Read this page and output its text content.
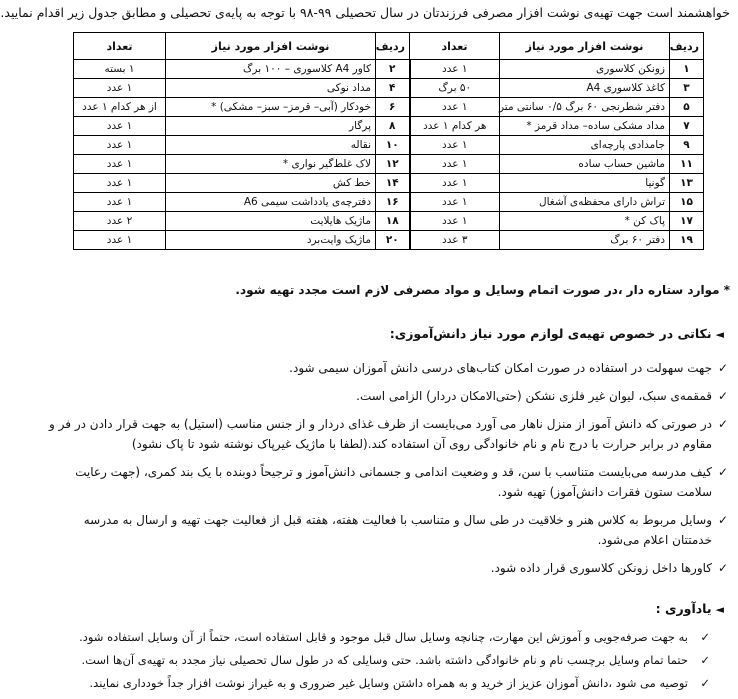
خواهشمند است جهت تهیه‌ی نوشت افزار مصرفی فرزندتان در سال تحصیلی ۹۹-۹۸ با توجه به پایه‌ی تحصیلی و مطابق جدول زیر اقدام نمایید.
ردیف	نوشت افزار مورد نیاز	تعداد	ردیف	نوشت افزار مورد نیاز	تعداد
۱	زونکن کلاسوری	۱ عدد	۲	کاور A4 کلاسوری – ۱۰۰ برگ	۱ بسته
۳	کاغذ کلاسوری A4	۵۰ برگ	۴	مداد نوکی	۱ عدد
۵	دفتر شطرنجی ۶۰ برگ ۰/۵ سانتی متر	۱ عدد	۶	خودکار (آبی– قرمز– سبز– مشکی) *	از هر کدام ۱ عدد
۷	مداد مشکی ساده– مداد قرمز *	هر کدام ۱ عدد	۸	پرگار	۱ عدد
۹	جامدادی پارچه‌ای	۱ عدد	۱۰	نقاله	۱ عدد
۱۱	ماشین حساب ساده	۱ عدد	۱۲	لاک غلط‌گیر نواری *	۱ عدد
۱۳	گونیا	۱ عدد	۱۴	خط کش	۱ عدد
۱۵	تراش دارای محفظه‌ی آشغال	۱ عدد	۱۶	دفترچه‌ی یادداشت سیمی A6	۱ عدد
۱۷	پاک کن *	۱ عدد	۱۸	ماژیک هایلایت	۲ عدد
۱۹	دفتر ۶۰ برگ	۳ عدد	۲۰	ماژیک وایت‌برد	۱ عدد
* موارد ستاره دار ،در صورت اتمام وسایل و مواد مصرفی لازم است مجدد تهیه شود.
◄نکاتی در خصوص تهیه‌ی لوازم مورد نیاز دانش‌آموزی:
✓
جهت سهولت در استفاده در صورت امکان کتاب‌های درسی دانش آموزان سیمی شود.
✓
قمقمه‌ی سبک، لیوان غیر فلزی نشکن (حتی‌الامکان دردار) الزامی است.
✓
در صورتی که دانش آموز از منزل ناهار می آورد می‌بایست از ظرف غذای دردار و از جنس مناسب (استیل) به جهت قرار دادن در فر و مقاوم در برابر حرارت با درج نام و نام خانوادگی روی آن استفاده کند.(لطفا با ماژیک غیرپاک نوشته شود تا پاک نشود)
✓
کیف مدرسه می‌بایست متناسب با سن، قد و وضعیت اندامی و جسمانی دانش‌آموز و ترجیحاً دوبنده با یک بند کمری، (جهت رعایت سلامت ستون فقرات دانش‌آموز) تهیه شود.
✓
وسایل مربوط به کلاس هنر و خلاقیت در طی سال و متناسب با فعالیت هفته، هفته قبل از فعالیت جهت تهیه و ارسال به مدرسه خدمتتان اعلام می‌شود.
✓
کاورها داخل زونکن کلاسوری قرار داده شود.
◄یادآوری :
✓
به جهت صرفه‌جویی و آموزش این مهارت، چنانچه وسایل سال قبل موجود و قابل استفاده است، حتماً از آن وسایل استفاده شود.
✓
حتما تمام وسایل برچسب نام و نام خانوادگی داشته باشد. حتی وسایلی که در طول سال تحصیلی نیاز مجدد به تهیه‌ی آن‌ها است.
✓
توصیه می شود ،دانش آموزان عزیز از خرید و به همراه داشتن وسایل غیر ضروری و به غیراز نوشت افزار جداً خودداری نمایند.
